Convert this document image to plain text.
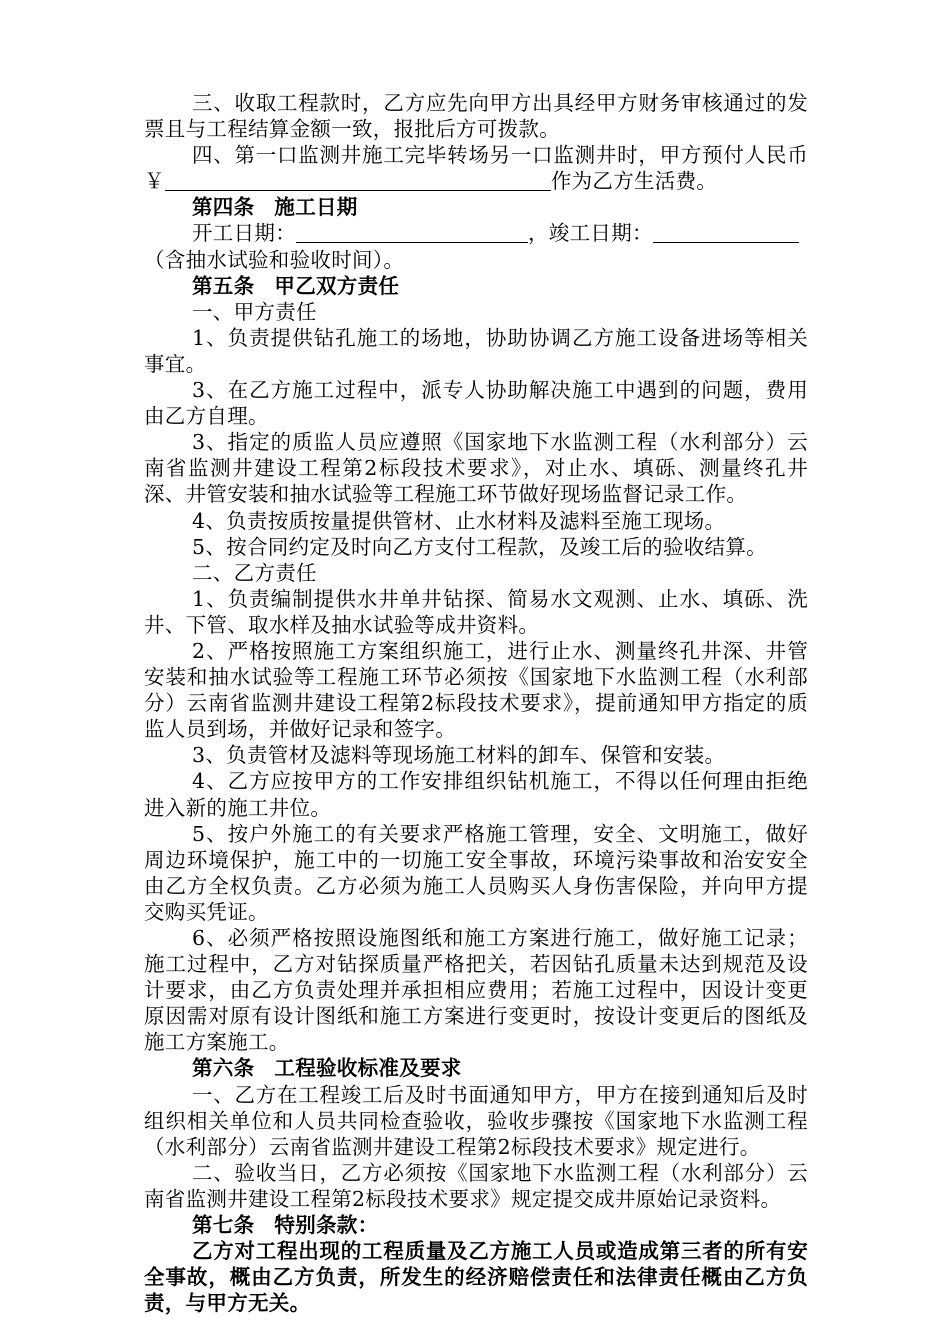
三、收取工程款时，乙方应先向甲方出具经甲方财务审核通过的发票且与工程结算金额一致，报批后方可拨款。

四、第一口监测井施工完毕转场另一口监测井时，甲方预付人民币￥	作为乙方生活费。

第四条 施工日期

开工日期：	，竣工日期：

（含抽水试验和验收时间）。

第五条 甲乙双方责任

一、甲方责任

1、负责提供钻孔施工的场地，协助协调乙方施工设备进场等相关事宜。

3、在乙方施工过程中，派专人协助解决施工中遇到的问题，费用由乙方自理。

3、指定的质监人员应遵照《国家地下水监测工程（水利部分）云南省监测井建设工程第2标段技术要求》，对止水、填砾、测量终孔井深、井管安装和抽水试验等工程施工环节做好现场监督记录工作。

4、负责按质按量提供管材、止水材料及滤料至施工现场。

5、按合同约定及时向乙方支付工程款，及竣工后的验收结算。

二、乙方责任

1、负责编制提供水井单井钻探、简易水文观测、止水、填砾、洗井、下管、取水样及抽水试验等成井资料。

2、严格按照施工方案组织施工，进行止水、测量终孔井深、井管安装和抽水试验等工程施工环节必须按《国家地下水监测工程（水利部分）云南省监测井建设工程第2标段技术要求》，提前通知甲方指定的质监人员到场，并做好记录和签字。

3、负责管材及滤料等现场施工材料的卸车、保管和安装。

4、乙方应按甲方的工作安排组织钻机施工，不得以任何理由拒绝进入新的施工井位。

5、按户外施工的有关要求严格施工管理，安全、文明施工，做好周边环境保护，施工中的一切施工安全事故，环境污染事故和治安安全由乙方全权负责。乙方必须为施工人员购买人身伤害保险，并向甲方提交购买凭证。

6、必须严格按照设施图纸和施工方案进行施工，做好施工记录；施工过程中，乙方对钻探质量严格把关，若因钻孔质量未达到规范及设计要求，由乙方负责处理并承担相应费用；若施工过程中，因设计变更原因需对原有设计图纸和施工方案进行变更时，按设计变更后的图纸及施工方案施工。

第六条 工程验收标准及要求

一、乙方在工程竣工后及时书面通知甲方，甲方在接到通知后及时组织相关单位和人员共同检查验收，验收步骤按《国家地下水监测工程（水利部分）云南省监测井建设工程第2标段技术要求》规定进行。

二、验收当日，乙方必须按《国家地下水监测工程（水利部分）云南省监测井建设工程第2标段技术要求》规定提交成井原始记录资料。

第七条 特别条款：

乙方对工程出现的工程质量及乙方施工人员或造成第三者的所有安全事故，概由乙方负责，所发生的经济赔偿责任和法律责任概由乙方负责，与甲方无关。
